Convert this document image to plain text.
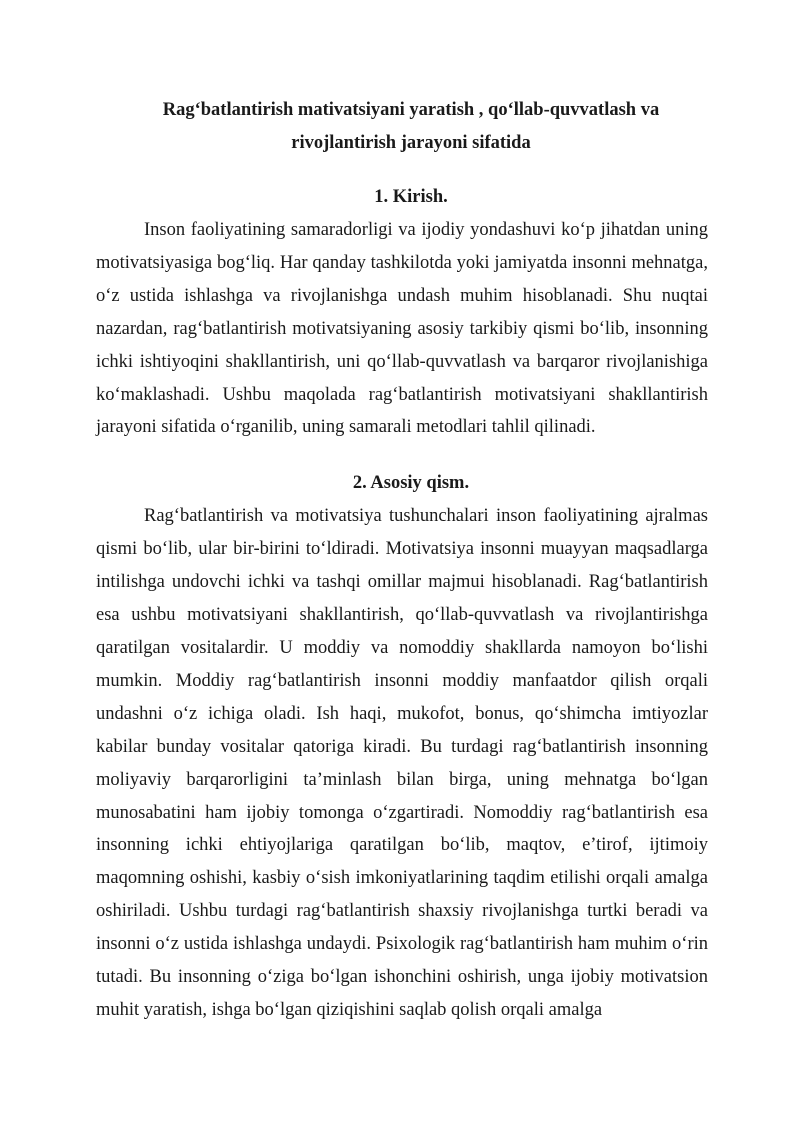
Rag‘batlantirish mativatsiyani yaratish , qo‘llab-quvvatlash va
rivojlantirish jarayoni sifatida
1. Kirish.

Inson faoliyatining samaradorligi va ijodiy yondashuvi ko‘p jihatdan uning motivatsiyasiga bog‘liq. Har qanday tashkilotda yoki jamiyatda insonni mehnatga, o‘z ustida ishlashga va rivojlanishga undash muhim hisoblanadi. Shu nuqtai nazardan, rag‘batlantirish motivatsiyaning asosiy tarkibiy qismi bo‘lib, insonning ichki ishtiyoqini shakllantirish, uni qo‘llab-quvvatlash va barqaror rivojlanishiga ko‘maklashadi. Ushbu maqolada rag‘batlantirish motivatsiyani shakllantirish jarayoni sifatida o‘rganilib, uning samarali metodlari tahlil qilinadi.

2. Asosiy qism.

Rag‘batlantirish va motivatsiya tushunchalari inson faoliyatining ajralmas qismi bo‘lib, ular bir-birini to‘ldiradi. Motivatsiya insonni muayyan maqsadlarga intilishga undovchi ichki va tashqi omillar majmui hisoblanadi. Rag‘batlantirish esa ushbu motivatsiyani shakllantirish, qo‘llab-quvvatlash va rivojlantirishga qaratilgan vositalardir. U moddiy va nomoddiy shakllarda namoyon bo‘lishi mumkin. Moddiy rag‘batlantirish insonni moddiy manfaatdor qilish orqali undashni o‘z ichiga oladi. Ish haqi, mukofot, bonus, qo‘shimcha imtiyozlar kabilar bunday vositalar qatoriga kiradi. Bu turdagi rag‘batlantirish insonning moliyaviy barqarorligini ta’minlash bilan birga, uning mehnatga bo‘lgan munosabatini ham ijobiy tomonga o‘zgartiradi. Nomoddiy rag‘batlantirish esa insonning ichki ehtiyojlariga qaratilgan bo‘lib, maqtov, e’tirof, ijtimoiy maqomning oshishi, kasbiy o‘sish imkoniyatlarining taqdim etilishi orqali amalga oshiriladi. Ushbu turdagi rag‘batlantirish shaxsiy rivojlanishga turtki beradi va insonni o‘z ustida ishlashga undaydi. Psixologik rag‘batlantirish ham muhim o‘rin tutadi. Bu insonning o‘ziga bo‘lgan ishonchini oshirish, unga ijobiy motivatsion muhit yaratish, ishga bo‘lgan qiziqishini saqlab qolish orqali amalga
